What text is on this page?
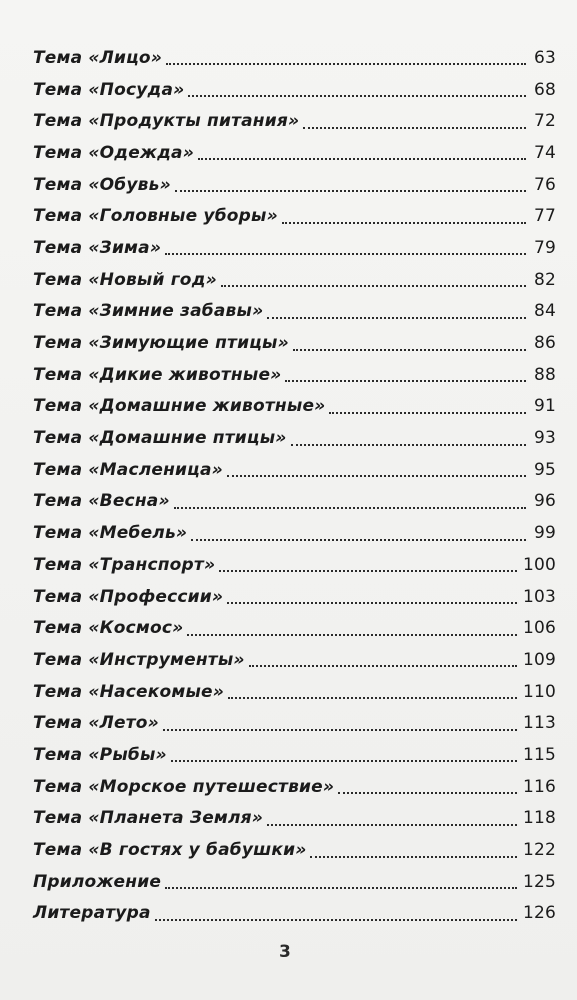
Тема «Лицо»	63
Тема «Посуда»	68
Тема «Продукты питания»	72
Тема «Одежда»	74
Тема «Обувь»	76
Тема «Головные уборы»	77
Тема «Зима»	79
Тема «Новый год»	82
Тема «Зимние забавы»	84
Тема «Зимующие птицы»	86
Тема «Дикие животные»	88
Тема «Домашние животные»	91
Тема «Домашние птицы»	93
Тема «Масленица»	95
Тема «Весна»	96
Тема «Мебель»	99
Тема «Транспорт»	100
Тема «Профессии»	103
Тема «Космос»	106
Тема «Инструменты»	109
Тема «Насекомые»	110
Тема «Лето»	113
Тема «Рыбы»	115
Тема «Морское путешествие»	116
Тема «Планета Земля»	118
Тема «В гостях у бабушки»	122
Приложение	125
Литература	126
3
